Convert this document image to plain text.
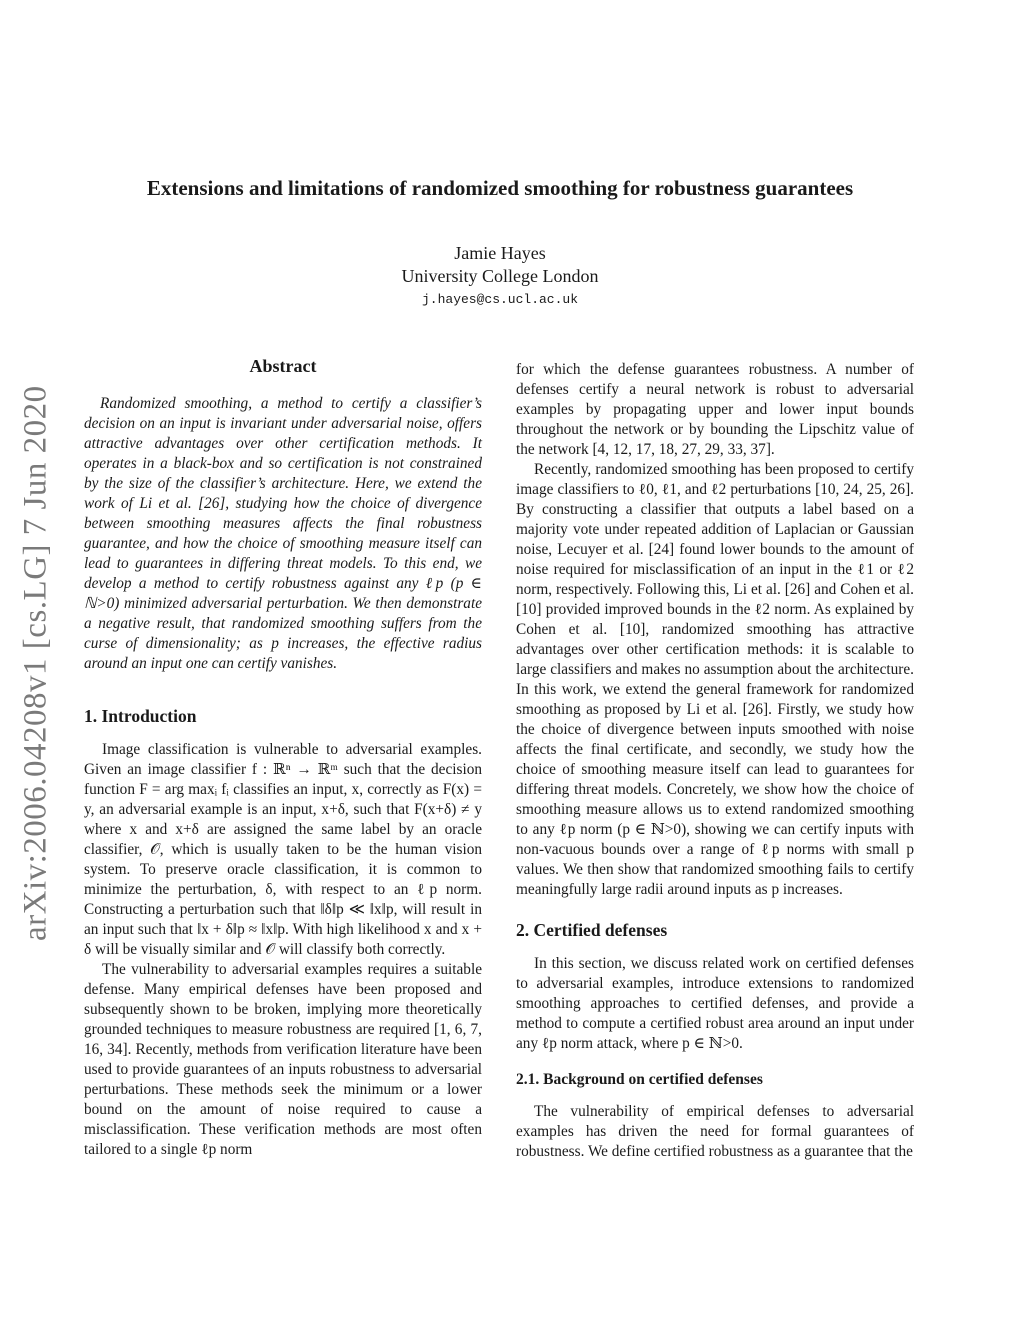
arXiv:2006.04208v1 [cs.LG] 7 Jun 2020
Extensions and limitations of randomized smoothing for robustness guarantees
Jamie Hayes
University College London
j.hayes@cs.ucl.ac.uk
Abstract

Randomized smoothing, a method to certify a classifier’s decision on an input is invariant under adversarial noise, offers attractive advantages over other certification methods. It operates in a black-box and so certification is not constrained by the size of the classifier’s architecture. Here, we extend the work of Li et al. [26], studying how the choice of divergence between smoothing measures affects the final robustness guarantee, and how the choice of smoothing measure itself can lead to guarantees in differing threat models. To this end, we develop a method to certify robustness against any ℓp (p ∈ ℕ>0) minimized adversarial perturbation. We then demonstrate a negative result, that randomized smoothing suffers from the curse of dimensionality; as p increases, the effective radius around an input one can certify vanishes.

1. Introduction

Image classification is vulnerable to adversarial examples. Given an image classifier f : ℝⁿ → ℝᵐ such that the decision function F = arg maxᵢ fᵢ classifies an input, x, correctly as F(x) = y, an adversarial example is an input, x+δ, such that F(x+δ) ≠ y where x and x+δ are assigned the same label by an oracle classifier, 𝒪, which is usually taken to be the human vision system. To preserve oracle classification, it is common to minimize the perturbation, δ, with respect to an ℓp norm. Constructing a perturbation such that ‖δ‖p ≪ ‖x‖p, will result in an input such that ‖x + δ‖p ≈ ‖x‖p. With high likelihood x and x + δ will be visually similar and 𝒪 will classify both correctly.

The vulnerability to adversarial examples requires a suitable defense. Many empirical defenses have been proposed and subsequently shown to be broken, implying more theoretically grounded techniques to measure robustness are required [1, 6, 7, 16, 34]. Recently, methods from verification literature have been used to provide guarantees of an inputs robustness to adversarial perturbations. These methods seek the minimum or a lower bound on the amount of noise required to cause a misclassification. These verification methods are most often tailored to a single ℓp norm

for which the defense guarantees robustness. A number of defenses certify a neural network is robust to adversarial examples by propagating upper and lower input bounds throughout the network or by bounding the Lipschitz value of the network [4, 12, 17, 18, 27, 29, 33, 37].

Recently, randomized smoothing has been proposed to certify image classifiers to ℓ0, ℓ1, and ℓ2 perturbations [10, 24, 25, 26]. By constructing a classifier that outputs a label based on a majority vote under repeated addition of Laplacian or Gaussian noise, Lecuyer et al. [24] found lower bounds to the amount of noise required for misclassification of an input in the ℓ1 or ℓ2 norm, respectively. Following this, Li et al. [26] and Cohen et al. [10] provided improved bounds in the ℓ2 norm. As explained by Cohen et al. [10], randomized smoothing has attractive advantages over other certification methods: it is scalable to large classifiers and makes no assumption about the architecture. In this work, we extend the general framework for randomized smoothing as proposed by Li et al. [26]. Firstly, we study how the choice of divergence between inputs smoothed with noise affects the final certificate, and secondly, we study how the choice of smoothing measure itself can lead to guarantees for differing threat models. Concretely, we show how the choice of smoothing measure allows us to extend randomized smoothing to any ℓp norm (p ∈ ℕ>0), showing we can certify inputs with non-vacuous bounds over a range of ℓp norms with small p values. We then show that randomized smoothing fails to certify meaningfully large radii around inputs as p increases.

2. Certified defenses

In this section, we discuss related work on certified defenses to adversarial examples, introduce extensions to randomized smoothing approaches to certified defenses, and provide a method to compute a certified robust area around an input under any ℓp norm attack, where p ∈ ℕ>0.

2.1. Background on certified defenses

The vulnerability of empirical defenses to adversarial examples has driven the need for formal guarantees of robustness. We define certified robustness as a guarantee that the
